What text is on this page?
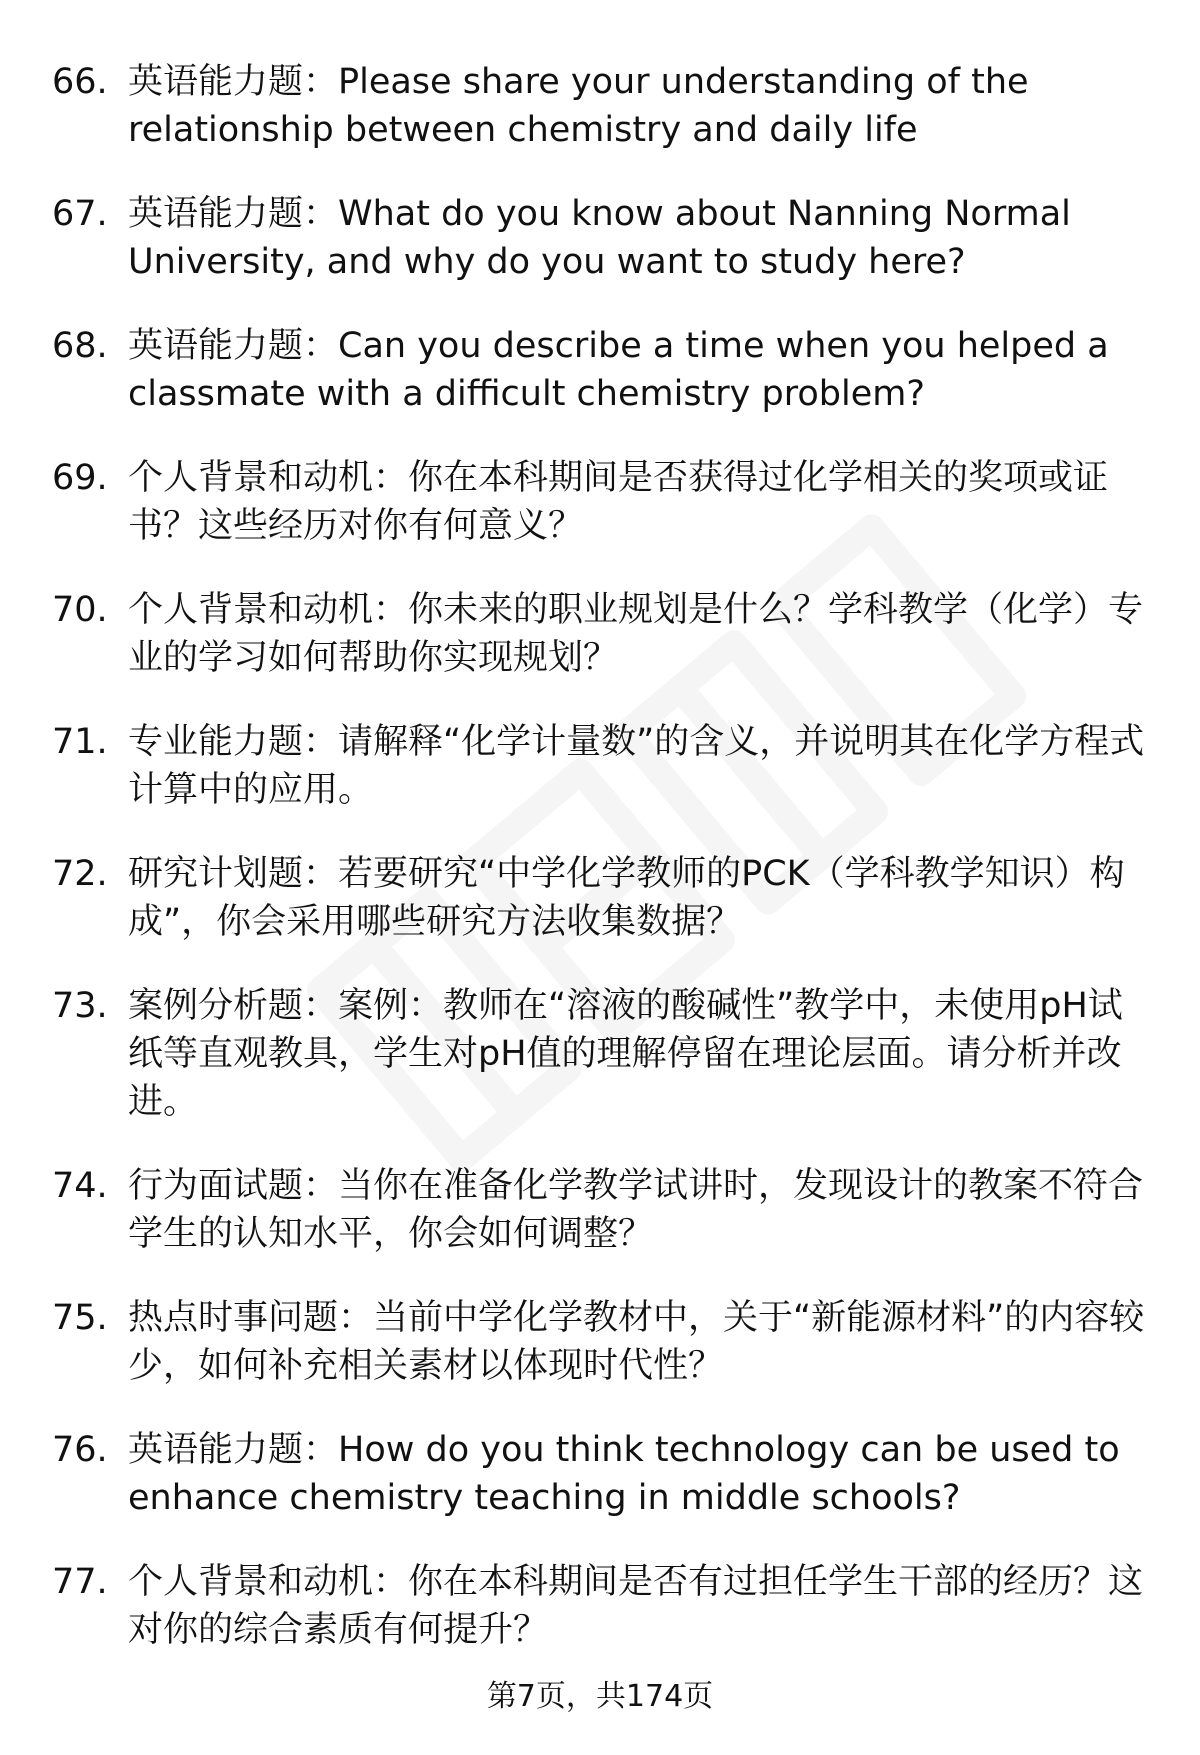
66. 英语能力题：Please share your understanding of the relationship between chemistry and daily life
67. 英语能力题：What do you know about Nanning Normal University, and why do you want to study here?
68. 英语能力题：Can you describe a time when you helped a classmate with a difficult chemistry problem?
69. 个人背景和动机：你在本科期间是否获得过化学相关的奖项或证书？这些经历对你有何意义？
70. 个人背景和动机：你未来的职业规划是什么？学科教学（化学）专业的学习如何帮助你实现规划？
71. 专业能力题：请解释“化学计量数”的含义，并说明其在化学方程式计算中的应用。
72. 研究计划题：若要研究“中学化学教师的PCK（学科教学知识）构成”，你会采用哪些研究方法收集数据？
73. 案例分析题：案例：教师在“溶液的酸碱性”教学中，未使用pH试纸等直观教具，学生对pH值的理解停留在理论层面。请分析并改进。
74. 行为面试题：当你在准备化学教学试讲时，发现设计的教案不符合学生的认知水平，你会如何调整？
75. 热点时事问题：当前中学化学教材中，关于“新能源材料”的内容较少，如何补充相关素材以体现时代性？
76. 英语能力题：How do you think technology can be used to enhance chemistry teaching in middle schools?
77. 个人背景和动机：你在本科期间是否有过担任学生干部的经历？这对你的综合素质有何提升？
第7页，共174页
